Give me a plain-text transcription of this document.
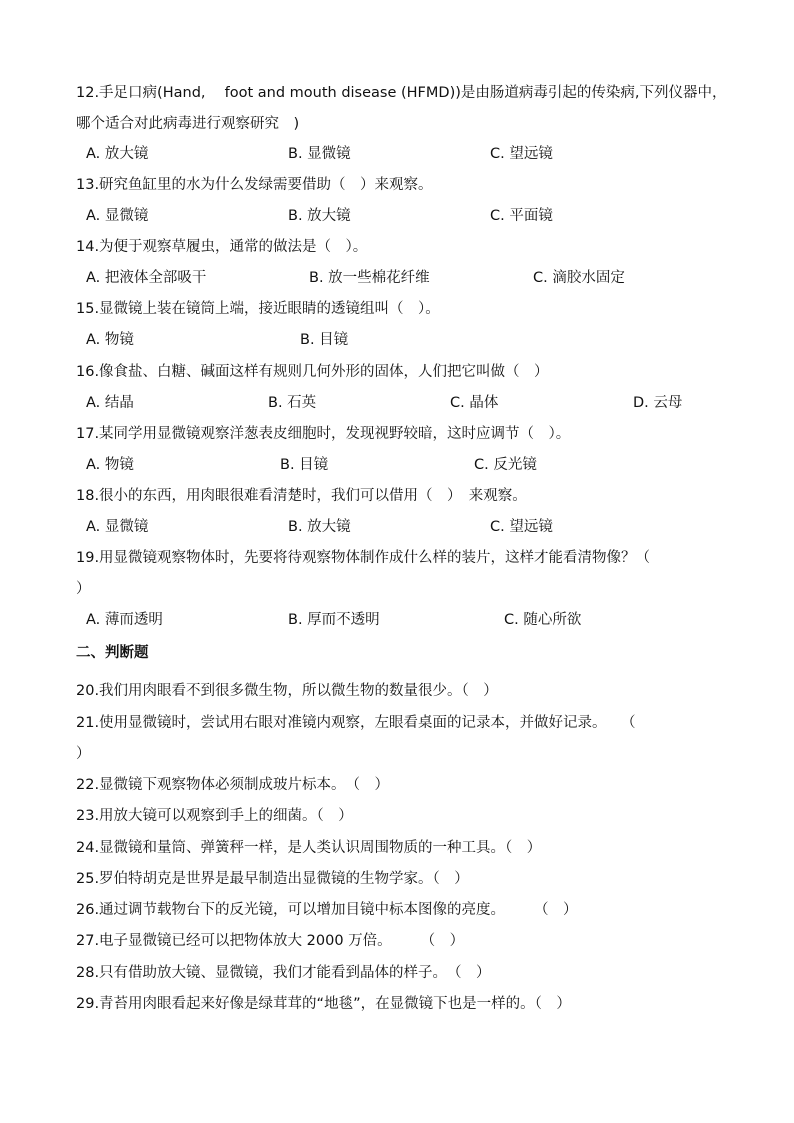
12.手足口病(Hand,　 foot and mouth disease (HFMD))是由肠道病毒引起的传染病,下列仪器中，
哪个适合对此病毒进行观察研究　)
A. 放大镜	B. 显微镜	C. 望远镜
13.研究鱼缸里的水为什么发绿需要借助（　）来观察。
A. 显微镜	B. 放大镜	C. 平面镜
14.为便于观察草履虫，通常的做法是（　）。
A. 把液体全部吸干	B. 放一些棉花纤维	C. 滴胶水固定
15.显微镜上装在镜筒上端，接近眼睛的透镜组叫（　）。
A. 物镜	B. 目镜
16.像食盐、白糖、碱面这样有规则几何外形的固体，人们把它叫做（　）
A. 结晶	B. 石英	C. 晶体	D. 云母
17.某同学用显微镜观察洋葱表皮细胞时，发现视野较暗，这时应调节（　）。
A. 物镜	B. 目镜	C. 反光镜
18.很小的东西，用肉眼很难看清楚时，我们可以借用（　）　来观察。
A. 显微镜	B. 放大镜	C. 望远镜
19.用显微镜观察物体时，先要将待观察物体制作成什么样的装片，这样才能看清物像？（
）
A. 薄而透明	B. 厚而不透明	C. 随心所欲
二、判断题
20.我们用肉眼看不到很多微生物，所以微生物的数量很少。（　）
21.使用显微镜时，尝试用右眼对准镜内观察，左眼看桌面的记录本，并做好记录。　　（
）
22.显微镜下观察物体必须制成玻片标本。　（　）
23.用放大镜可以观察到手上的细菌。（　）
24.显微镜和量筒、弹簧秤一样，是人类认识周围物质的一种工具。（　）
25.罗伯特胡克是世界是最早制造出显微镜的生物学家。（　）
26.通过调节载物台下的反光镜，可以增加目镜中标本图像的亮度。　　　（　）
27.电子显微镜已经可以把物体放大 2000 万倍。　　　（　）
28.只有借助放大镜、显微镜，我们才能看到晶体的样子。　（　）
29.青苔用肉眼看起来好像是绿茸茸的“地毯”，在显微镜下也是一样的。（　）
